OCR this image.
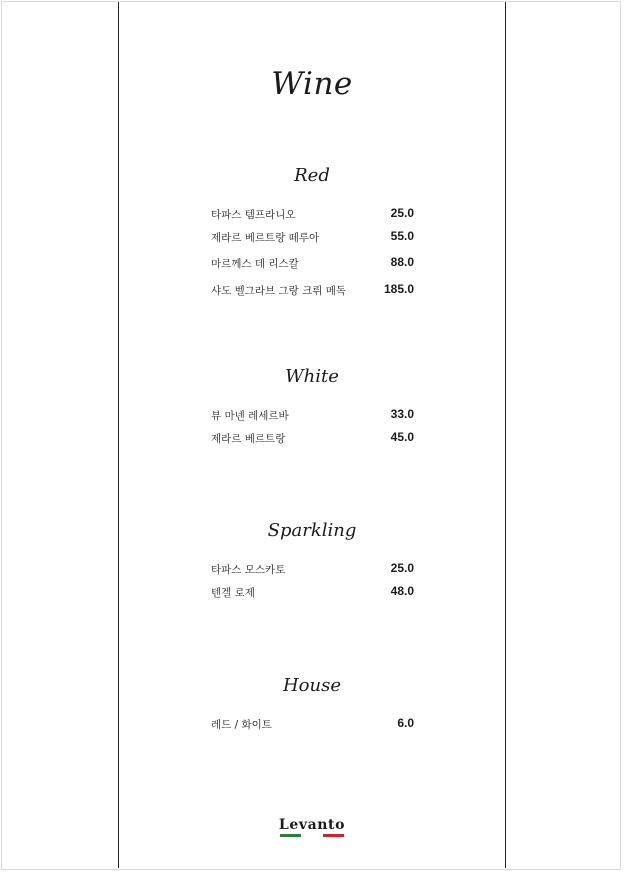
Wine
Red
타파스 템프라니오	25.0
제라르 베르트랑 떼루아	55.0
마르께스 데 리스칼	88.0
샤도 벨그라브 그랑 크뤼 메독	185.0
White
뷰 마넨 레세르바	33.0
제라르 베르트랑	45.0
Sparkling
타파스 모스카토	25.0
텐겔 로제	48.0
House
레드 / 화이트	6.0
Levanto
